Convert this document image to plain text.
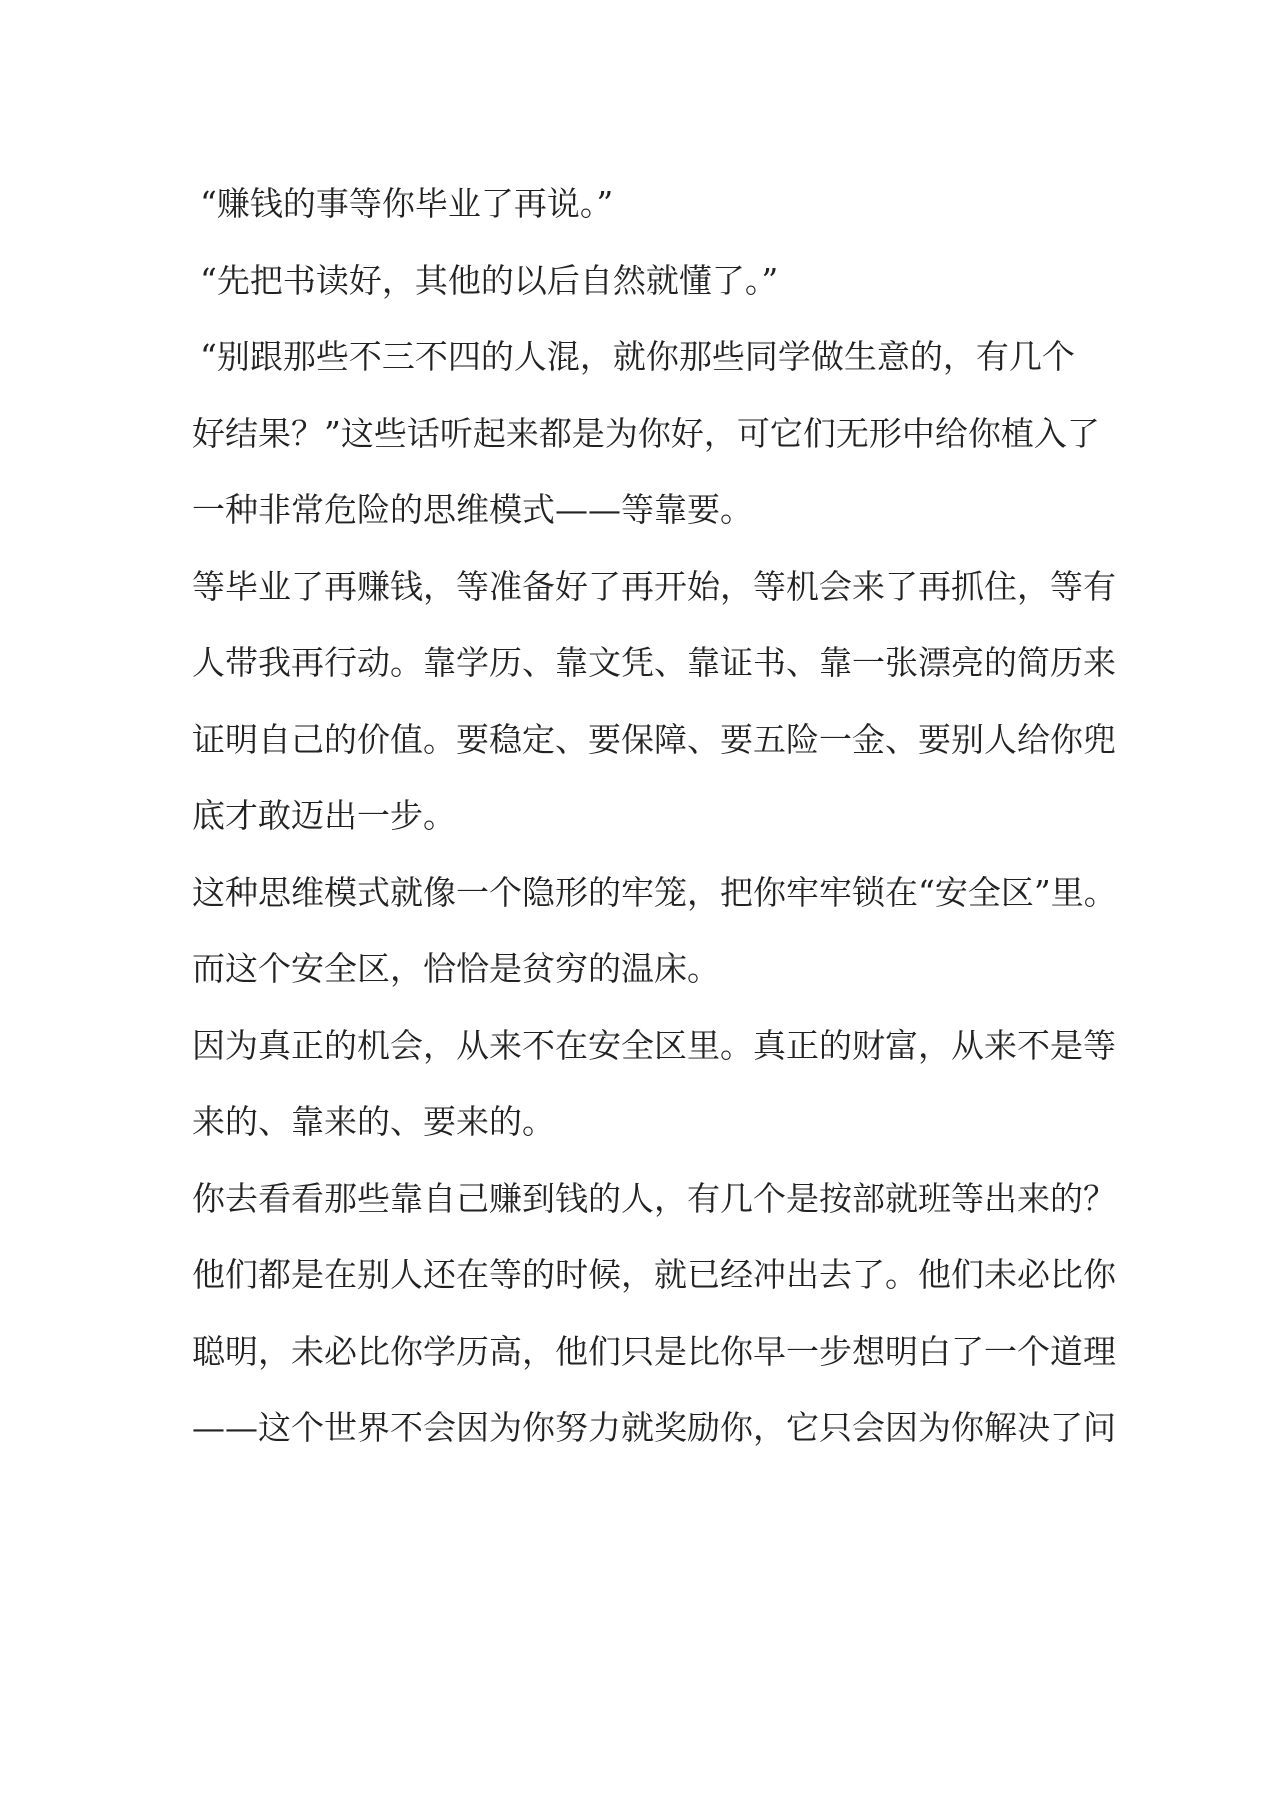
“赚钱的事等你毕业了再说。”
“先把书读好，其他的以后自然就懂了。”
“别跟那些不三不四的人混，就你那些同学做生意的，有几个
好结果？”这些话听起来都是为你好，可它们无形中给你植入了
一种非常危险的思维模式——等靠要。
等毕业了再赚钱，等准备好了再开始，等机会来了再抓住，等有
人带我再行动。靠学历、靠文凭、靠证书、靠一张漂亮的简历来
证明自己的价值。要稳定、要保障、要五险一金、要别人给你兜
底才敢迈出一步。
这种思维模式就像一个隐形的牢笼，把你牢牢锁在“安全区”里。
而这个安全区，恰恰是贫穷的温床。
因为真正的机会，从来不在安全区里。真正的财富，从来不是等
来的、靠来的、要来的。
你去看看那些靠自己赚到钱的人，有几个是按部就班等出来的？
他们都是在别人还在等的时候，就已经冲出去了。他们未必比你
聪明，未必比你学历高，他们只是比你早一步想明白了一个道理
——这个世界不会因为你努力就奖励你，它只会因为你解决了问
